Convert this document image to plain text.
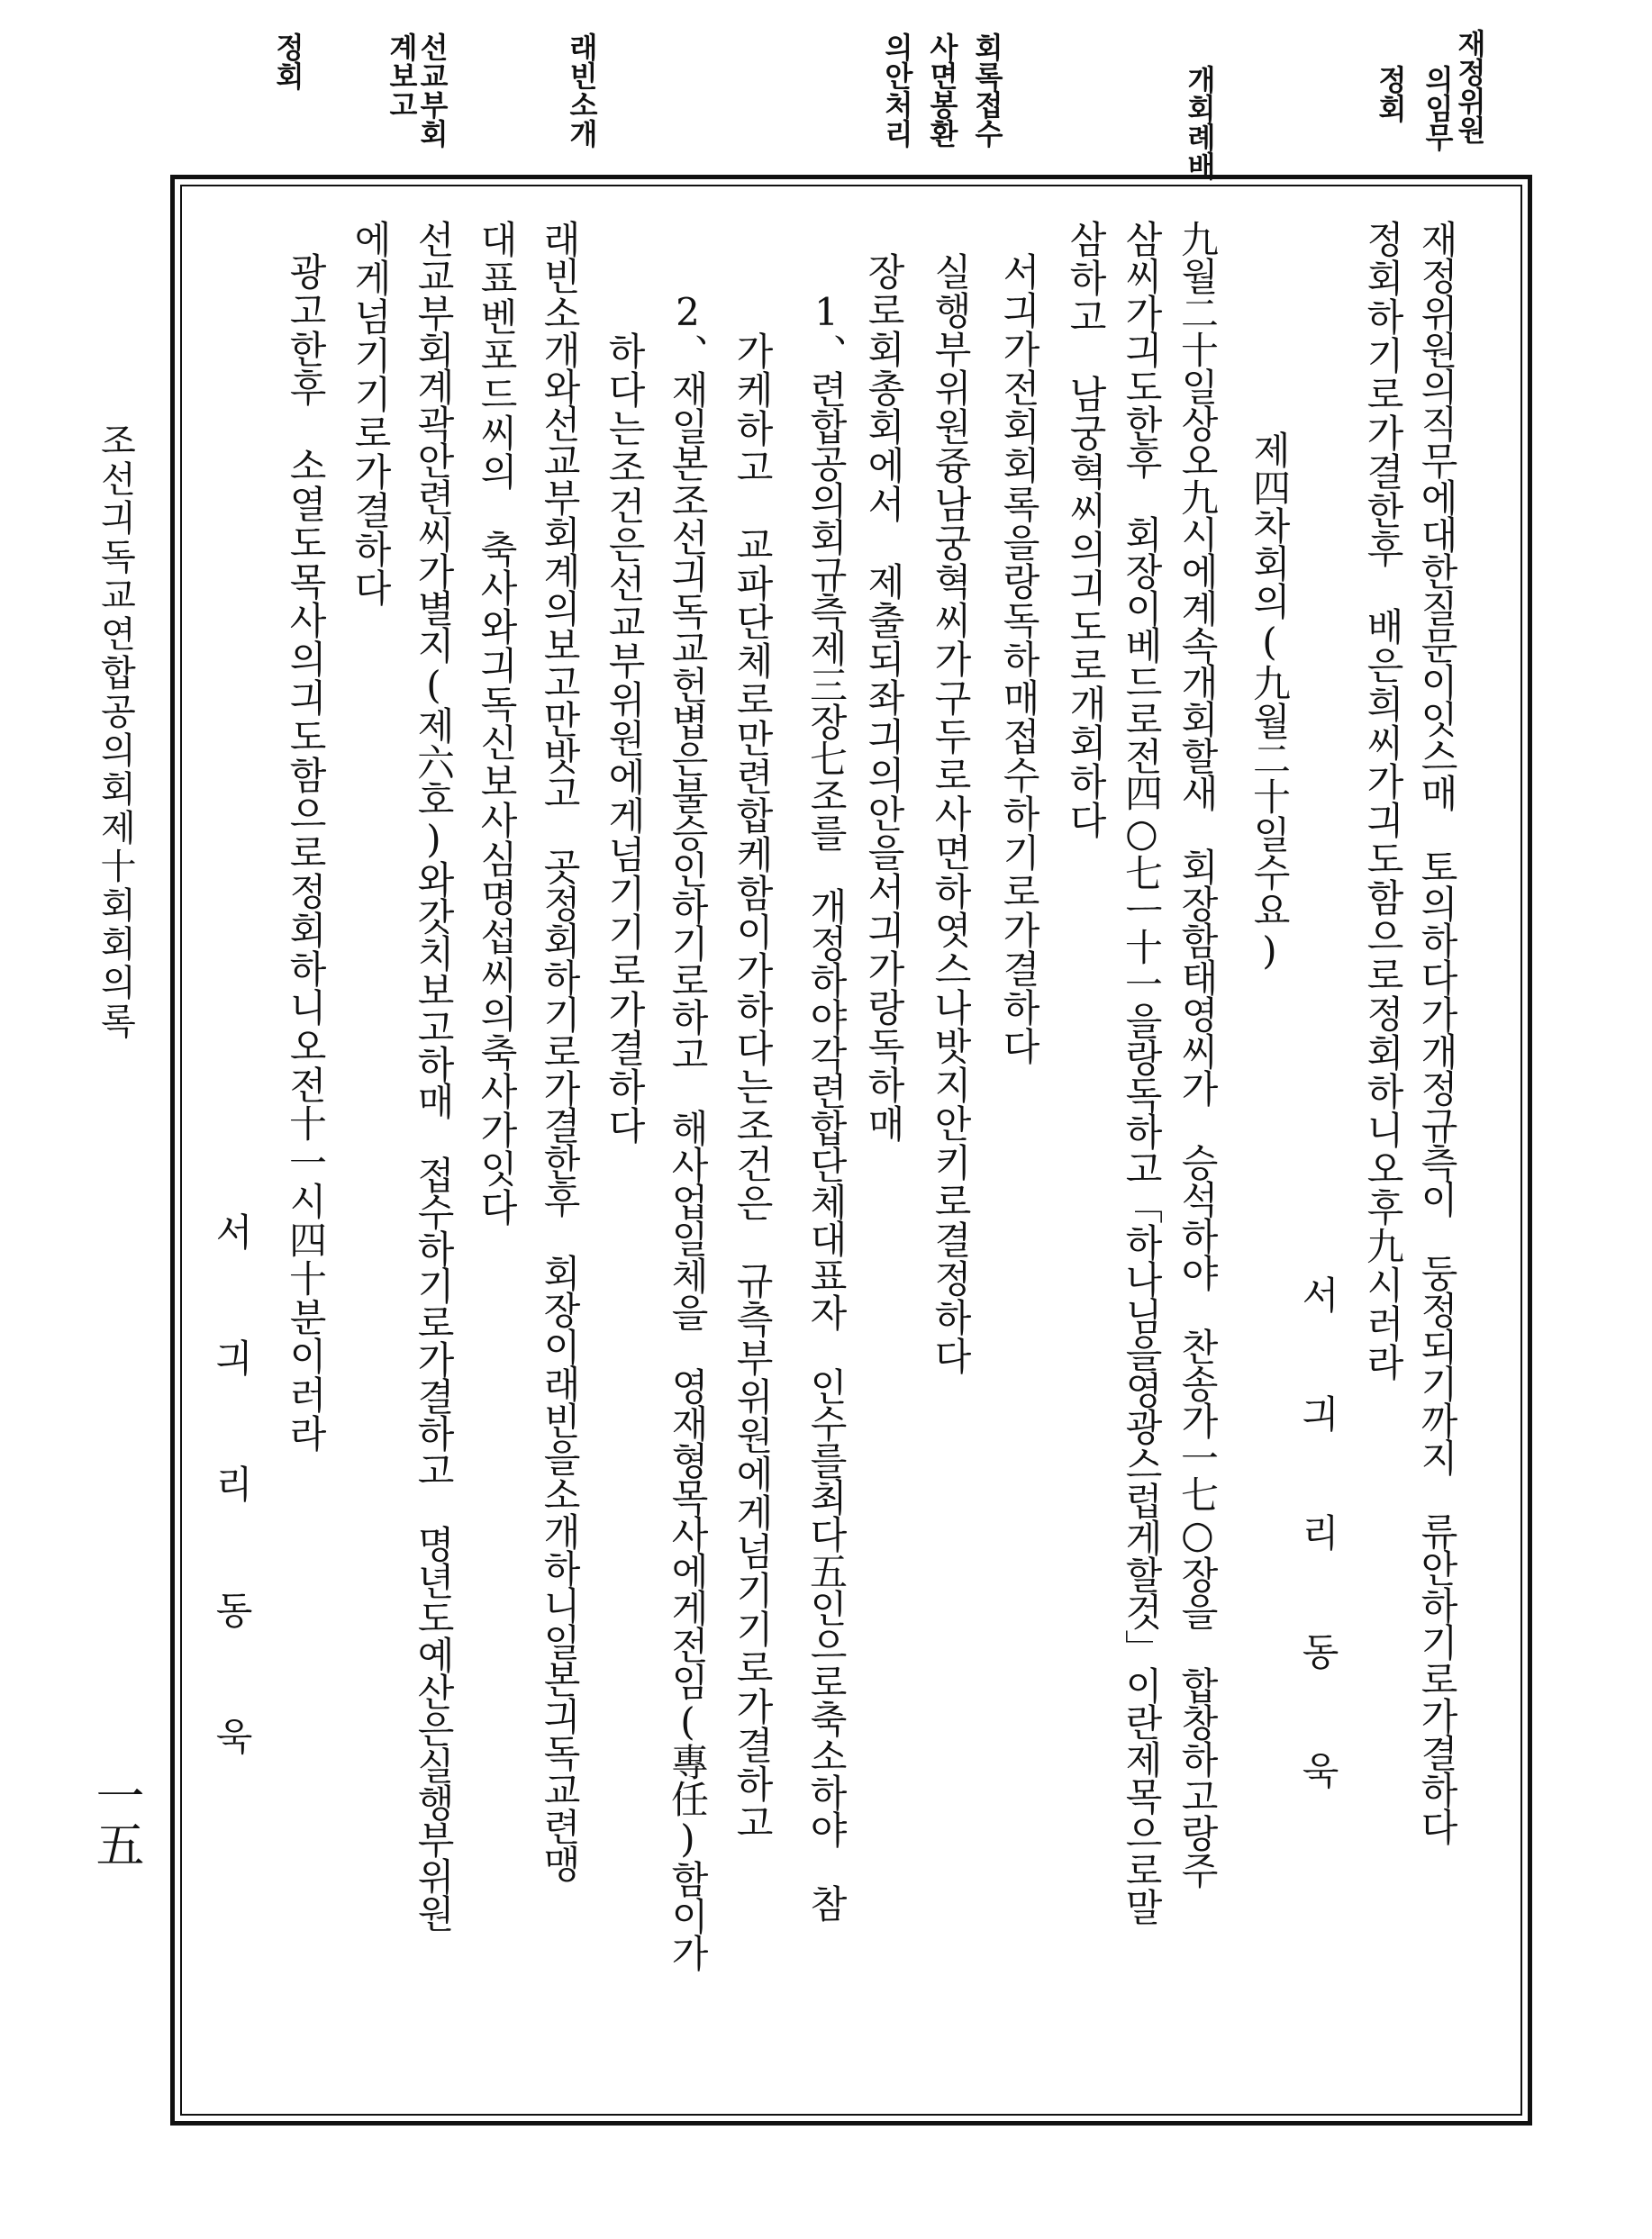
재정위원
의임무
정회
개회례배
회록접수
사면봉환
의안처리
래빈소개
선교부회
계보고
정회
재정위원의직무에대한질문이잇스매　토의하다가개정규측이　둥정되기까지　류안하기로가결하다
정회하기로가결한후　배은희씨가긔도함으로정회하니오후九시러라
서　긔　리　동　욱
제四차회의(九월二十일수요)
九월二十일상오九시에계속개회할새　회장함태영씨가　승석하야　찬송가一七○장을　합창하고랑주
삼씨가긔도한후　회장이베드로전四○七ㅡ十一을랑독하고「하나님을영광스럽게할것」이란제목으로말
삼하고　남궁혁씨의긔도로개회하다
서긔가전회회록을랑독하매접수하기로가결하다
실행부위원즁남궁혁씨가구두로사면하엿스나밧지안키로결정하다
장로회총회에서　제출되좌긔의안을서긔가랑독하매
1、련합공의회규측제三장七조를　개정하야각련합단체대표자　인수를최다五인으로축소하야　참
가케하고　교파단체로만련합케함이가하다는조건은　규측부위원에게넘기기로가결하고
2、재일본조선긔독교헌볍은불승인하기로하고　해사업일체을　영재형목사에게전임(專任)함이가
하다는조건은선교부위원에게넘기기로가결하다
래빈소개와선교부회계의보고만밧고　곳정회하기로가결한후　회장이래빈을소개하니일본긔독교련맹
대표벤포드씨의　축사와긔독신보사심명섭씨의축사가잇다
선교부회계곽안련씨가별지(제六호)와갓치보고하매　접수하기로가결하고　명년도예산은실행부위원
에게넘기기로가결하다
광고한후　소열도목사의긔도함으로정회하니오전十一시四十분이러라
서　긔　리　동　욱
조선긔독교연합공의회제十회회의록
一五
